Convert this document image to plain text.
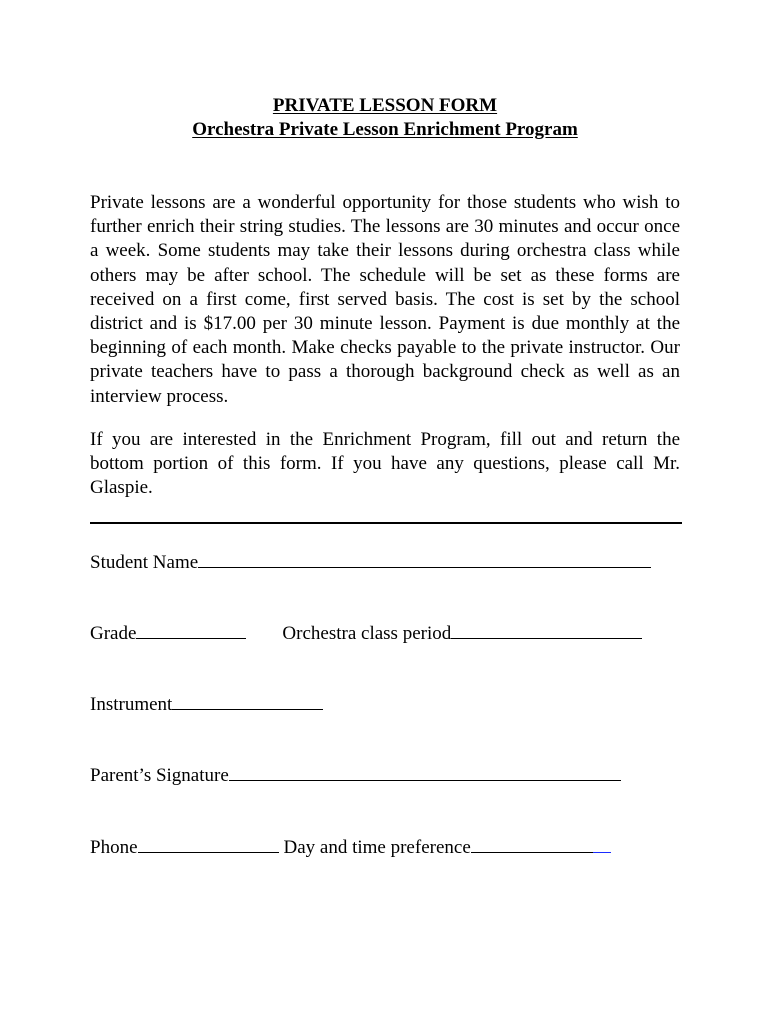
PRIVATE LESSON FORM
Orchestra Private Lesson Enrichment Program

Private lessons are a wonderful opportunity for those students who wish to further enrich their string studies. The lessons are 30 minutes and occur once a week. Some students may take their lessons during orchestra class while others may be after school. The schedule will be set as these forms are received on a first come, first served basis. The cost is set by the school district and is $17.00 per 30 minute lesson. Payment is due monthly at the beginning of each month. Make checks payable to the private instructor. Our private teachers have to pass a thorough background check as well as an interview process.

If you are interested in the Enrichment Program, fill out and return the bottom portion of this form. If you have any questions, please call Mr. Glaspie.

Student Name
Grade	Orchestra class period
Instrument
Parent’s Signature
Phone	Day and time preference
